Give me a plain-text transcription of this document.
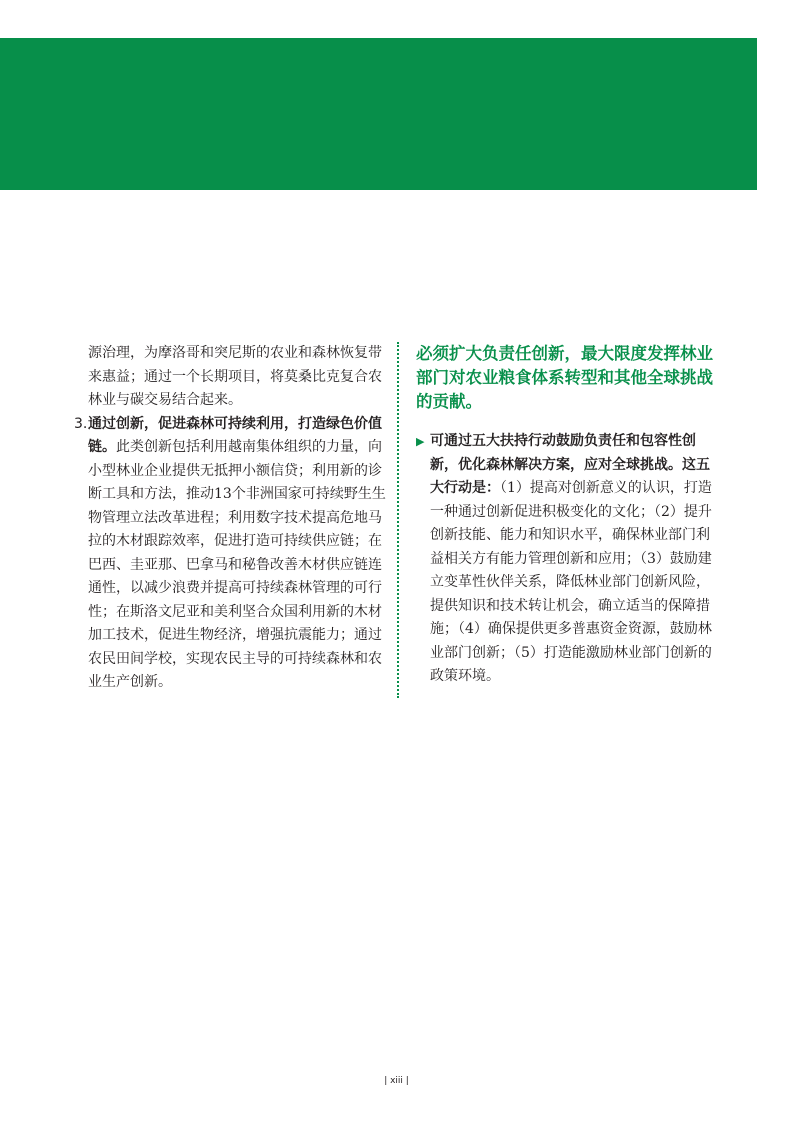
源治理，为摩洛哥和突尼斯的农业和森林恢复带来惠益；通过一个长期项目，将莫桑比克复合农林业与碳交易结合起来。

3. 通过创新，促进森林可持续利用，打造绿色价值链。此类创新包括利用越南集体组织的力量，向小型林业企业提供无抵押小额信贷；利用新的诊断工具和方法，推动13个非洲国家可持续野生生物管理立法改革进程；利用数字技术提高危地马拉的木材跟踪效率，促进打造可持续供应链；在巴西、圭亚那、巴拿马和秘鲁改善木材供应链连通性，以减少浪费并提高可持续森林管理的可行性；在斯洛文尼亚和美利坚合众国利用新的木材加工技术，促进生物经济，增强抗震能力；通过农民田间学校，实现农民主导的可持续森林和农业生产创新。

必须扩大负责任创新，最大限度发挥林业部门对农业粮食体系转型和其他全球挑战的贡献。

▶ 可通过五大扶持行动鼓励负责任和包容性创新，优化森林解决方案，应对全球挑战。这五大行动是：（1）提高对创新意义的认识，打造一种通过创新促进积极变化的文化；（2）提升创新技能、能力和知识水平，确保林业部门利益相关方有能力管理创新和应用；（3）鼓励建立变革性伙伴关系，降低林业部门创新风险，提供知识和技术转让机会，确立适当的保障措施；（4）确保提供更多普惠资金资源，鼓励林业部门创新；（5）打造能激励林业部门创新的政策环境。

| xiii |
